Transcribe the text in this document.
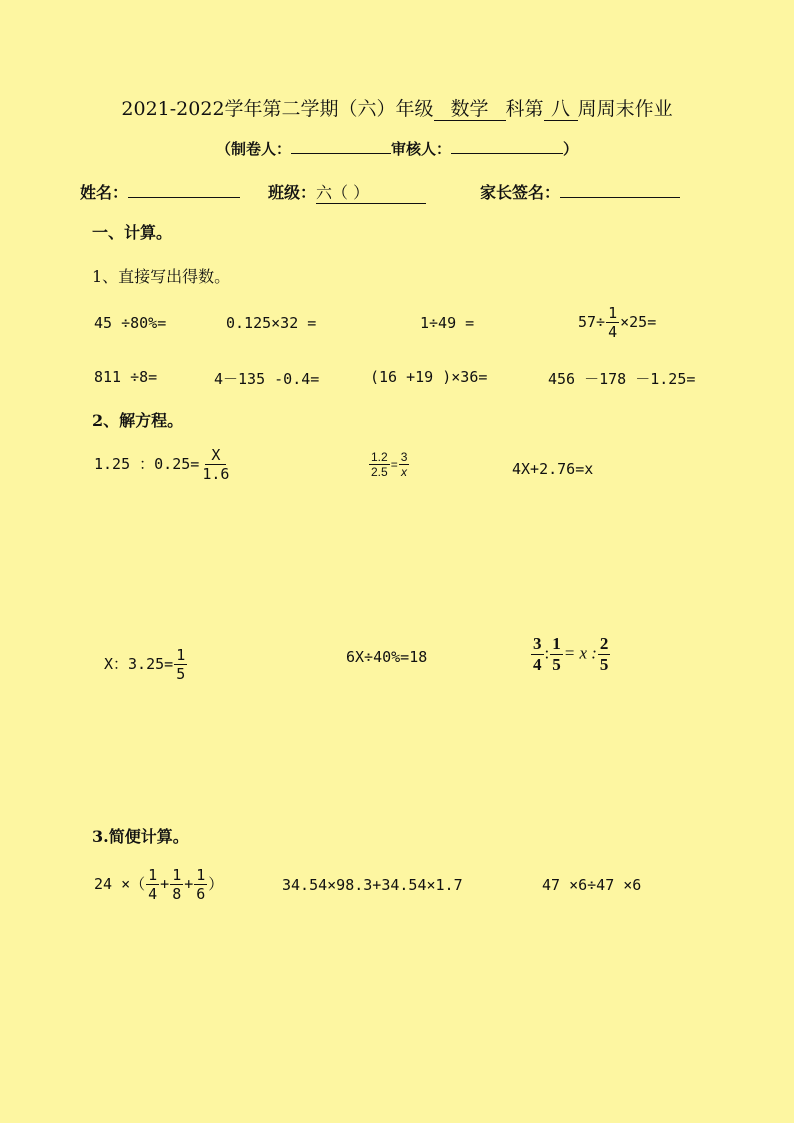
2021-2022学年第二学期（六）年级 数学 科第 八 周周末作业
（制卷人：	审核人：	）
姓名：	班级：六（ ）	家长签名：
一、计算。
1、直接写出得数。
45 ÷80%=	0.125×32 =	1÷49 =	$57\div \frac{1}{4} \times 25=$
811 ÷8=	4－135 -0.4=	(16 +19 )×36=	456 －178 －1.25=
2、解方程。
1.25 ：$0.25= \frac{X}{1.6}$	$\frac{1.2}{2.5} = \frac{3}{x}$	4X+2.76=x
X：$3.25= \frac{1}{5}$	6X÷40%=18	$\frac{3}{4}$ : $\frac{1}{5} = x$ : $\frac{2}{5}$
3.简便计算。
24 ×（ $\frac{1}{4} + \frac{1}{8} + \frac{1}{6}$ ）	34.54×98.3+34.54×1.7	47 ×6÷47 ×6
